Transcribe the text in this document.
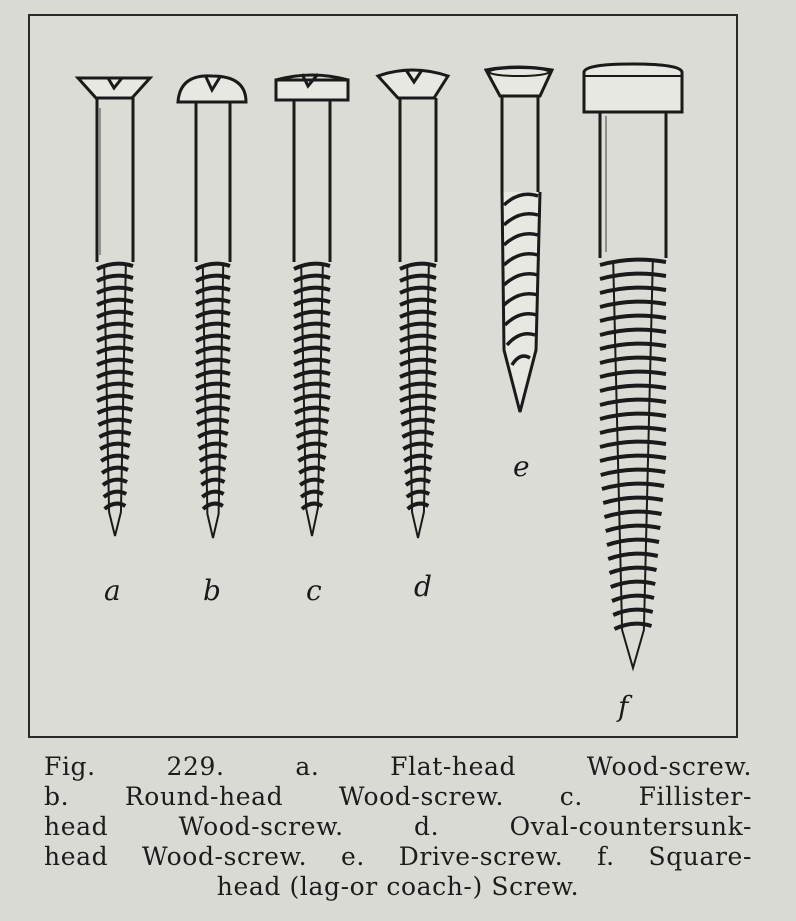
a	b	c	d
e
f
Fig. 229. a. Flat-head Wood-screw.
b. Round-head Wood-screw. c. Fillister-
head Wood-screw. d. Oval-countersunk-
head Wood-screw. e. Drive-screw. f. Square-
head (lag-or coach-) Screw.
